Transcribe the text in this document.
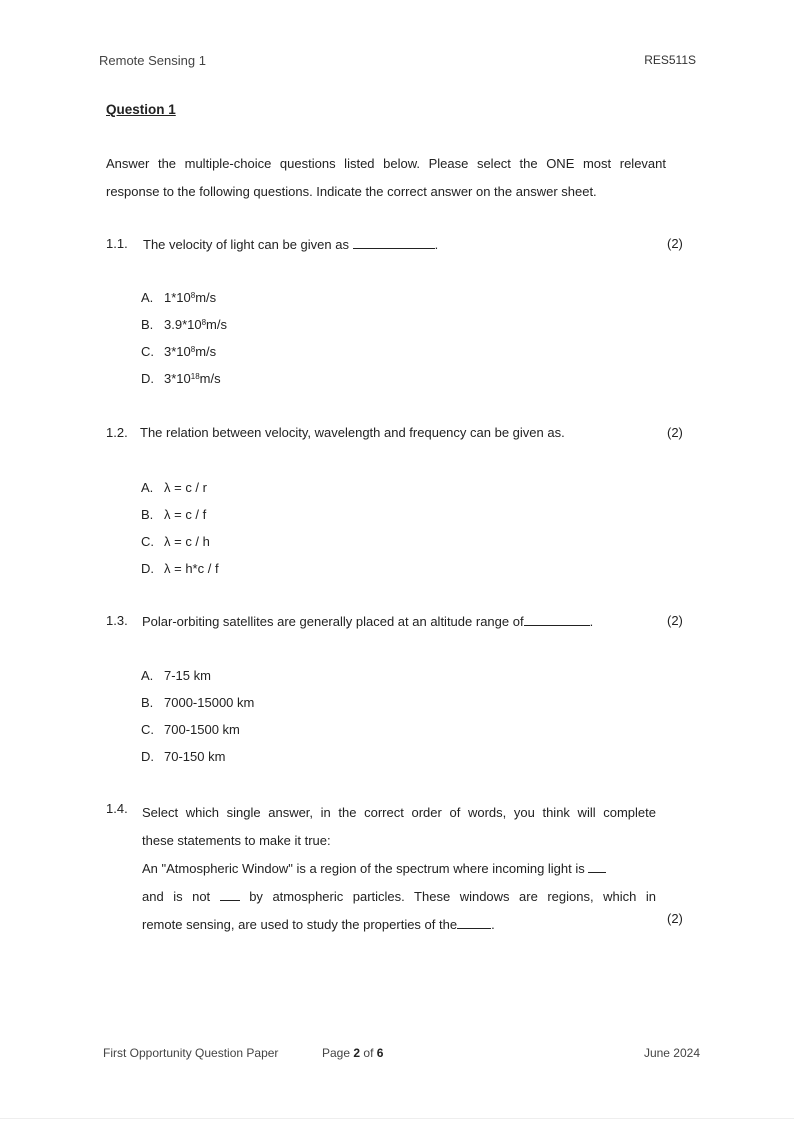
Remote Sensing 1	RES511S
Question 1
Answer the multiple-choice questions listed below. Please select the ONE most relevant response to the following questions. Indicate the correct answer on the answer sheet.
1.1. The velocity of light can be given as	.	(2)
A. $1*10^8m/s$
B. $3.9*10^8m/s$
C. $3*10^8m/s$
D. $3*10^{18}m/s$
1.2. The relation between velocity, wavelength and frequency can be given as.	(2)
A. λ = c / r
B. λ = c / f
C. λ = c / h
D. λ = h*c / f
1.3. Polar-orbiting satellites are generally placed at an altitude range of	.	(2)
A. 7-15 km
B. 7000-15000 km
C. 700-1500 km
D. 70-150 km
1.4. Select which single answer, in the correct order of words, you think will complete
these statements to make it true:
An "Atmospheric Window" is a region of the spectrum where incoming light is
and is not	by atmospheric particles. These windows are regions, which in
remote sensing, are used to study the properties of the	.	(2)
First Opportunity Question Paper	Page 2 of 6	June 2024
